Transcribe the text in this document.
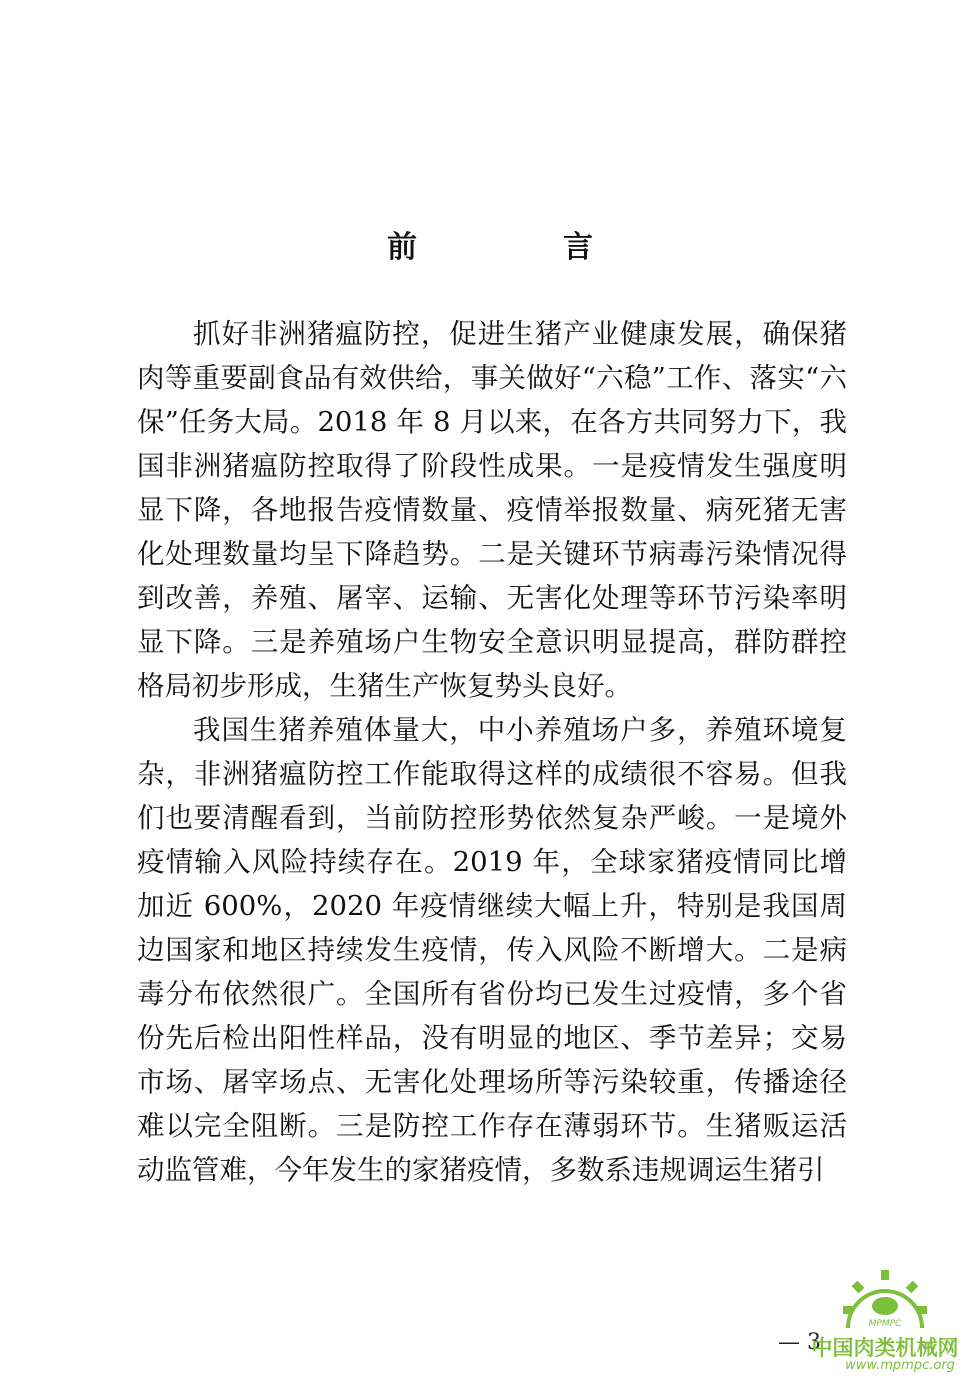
前　言

抓好非洲猪瘟防控，促进生猪产业健康发展，确保猪肉等重要副食品有效供给，事关做好“六稳”工作、落实“六保”任务大局。2018 年 8 月以来，在各方共同努力下，我国非洲猪瘟防控取得了阶段性成果。一是疫情发生强度明显下降，各地报告疫情数量、疫情举报数量、病死猪无害化处理数量均呈下降趋势。二是关键环节病毒污染情况得到改善，养殖、屠宰、运输、无害化处理等环节污染率明显下降。三是养殖场户生物安全意识明显提高，群防群控格局初步形成，生猪生产恢复势头良好。

我国生猪养殖体量大，中小养殖场户多，养殖环境复杂，非洲猪瘟防控工作能取得这样的成绩很不容易。但我们也要清醒看到，当前防控形势依然复杂严峻。一是境外疫情输入风险持续存在。2019 年，全球家猪疫情同比增加近 600%，2020 年疫情继续大幅上升，特别是我国周边国家和地区持续发生疫情，传入风险不断增大。二是病毒分布依然很广。全国所有省份均已发生过疫情，多个省份先后检出阳性样品，没有明显的地区、季节差异；交易市场、屠宰场点、无害化处理场所等污染较重，传播途径难以完全阻断。三是防控工作存在薄弱环节。生猪贩运活动监管难，今年发生的家猪疫情，多数系违规调运生猪引

— 3
MPMPC
中国肉类机械网
www.mpmpc.org
